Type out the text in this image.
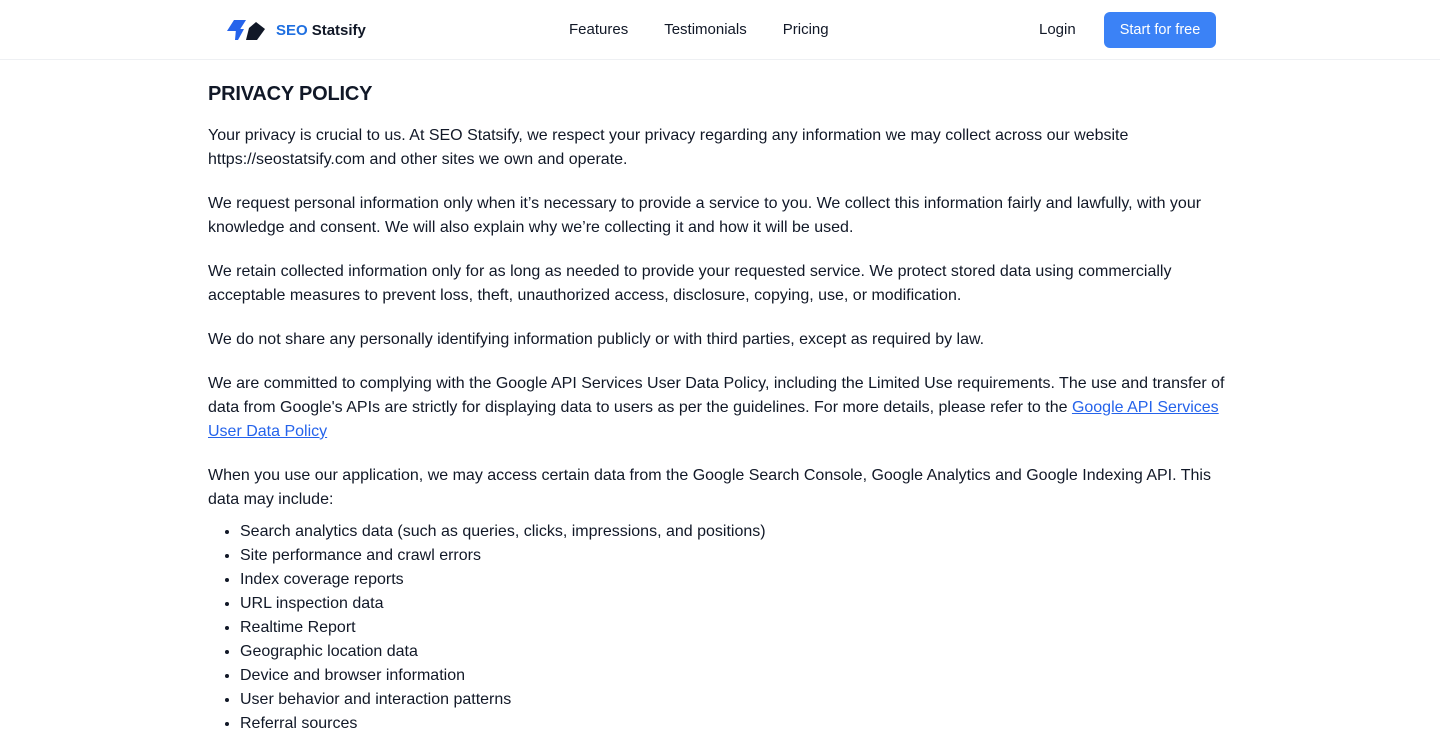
SEO Statsify	Features Testimonials Pricing	Login	Start for free
PRIVACY POLICY

Your privacy is crucial to us. At SEO Statsify, we respect your privacy regarding any information we may collect across our website https://seostatsify.com and other sites we own and operate.

We request personal information only when it’s necessary to provide a service to you. We collect this information fairly and lawfully, with your knowledge and consent. We will also explain why we’re collecting it and how it will be used.

We retain collected information only for as long as needed to provide your requested service. We protect stored data using commercially acceptable measures to prevent loss, theft, unauthorized access, disclosure, copying, use, or modification.

We do not share any personally identifying information publicly or with third parties, except as required by law.

We are committed to complying with the Google API Services User Data Policy, including the Limited Use requirements. The use and transfer of data from Google's APIs are strictly for displaying data to users as per the guidelines. For more details, please refer to the Google API Services User Data Policy

When you use our application, we may access certain data from the Google Search Console, Google Analytics and Google Indexing API. This data may include:

• Search analytics data (such as queries, clicks, impressions, and positions)
• Site performance and crawl errors
• Index coverage reports
• URL inspection data
• Realtime Report
• Geographic location data
• Device and browser information
• User behavior and interaction patterns
• Referral sources
